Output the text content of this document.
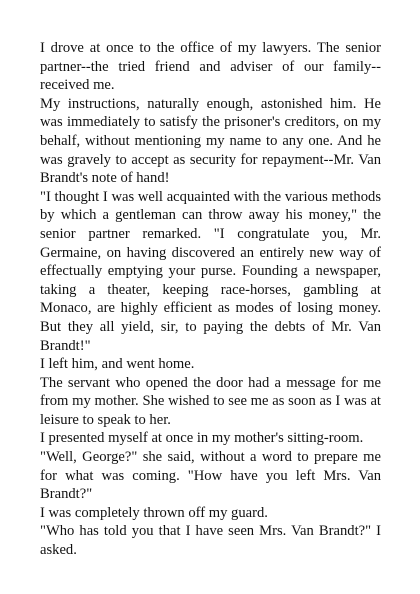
I drove at once to the office of my lawyers. The senior partner--the tried friend and adviser of our family--received me.

My instructions, naturally enough, astonished him. He was immediately to satisfy the prisoner's creditors, on my behalf, without mentioning my name to any one. And he was gravely to accept as security for repayment--Mr. Van Brandt's note of hand!

"I thought I was well acquainted with the various methods by which a gentleman can throw away his money," the senior partner remarked. "I congratulate you, Mr. Germaine, on having discovered an entirely new way of effectually emptying your purse. Founding a newspaper, taking a theater, keeping race-horses, gambling at Monaco, are highly efficient as modes of losing money. But they all yield, sir, to paying the debts of Mr. Van Brandt!"

I left him, and went home.

The servant who opened the door had a message for me from my mother. She wished to see me as soon as I was at leisure to speak to her.

I presented myself at once in my mother's sitting-room.

"Well, George?" she said, without a word to prepare me for what was coming. "How have you left Mrs. Van Brandt?"

I was completely thrown off my guard.

"Who has told you that I have seen Mrs. Van Brandt?" I asked.
